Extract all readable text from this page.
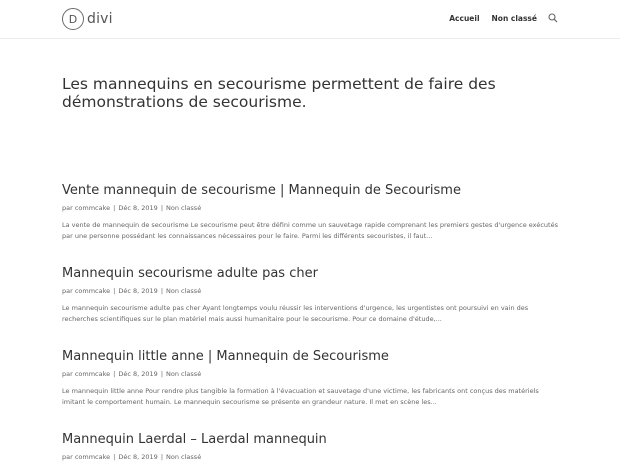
D divi	Accueil Non classé
Les mannequins en secourisme permettent de faire des démonstrations de secourisme.
Vente mannequin de secourisme | Mannequin de Secourisme
par commcake | Déc 8, 2019 | Non classé

La vente de mannequin de secourisme Le secourisme peut être défini comme un sauvetage rapide comprenant les premiers gestes d'urgence exécutés par une personne possédant les connaissances nécessaires pour le faire. Parmi les différents secouristes, il faut...

Mannequin secourisme adulte pas cher
par commcake | Déc 8, 2019 | Non classé

Le mannequin secourisme adulte pas cher Ayant longtemps voulu réussir les interventions d'urgence, les urgentistes ont poursuivi en vain des recherches scientifiques sur le plan matériel mais aussi humanitaire pour le secourisme. Pour ce domaine d'étude,...

Mannequin little anne | Mannequin de Secourisme
par commcake | Déc 8, 2019 | Non classé

Le mannequin little anne Pour rendre plus tangible la formation à l'évacuation et sauvetage d'une victime, les fabricants ont conçus des matériels imitant le comportement humain. Le mannequin secourisme se présente en grandeur nature. Il met en scène les...

Mannequin Laerdal – Laerdal mannequin
par commcake | Déc 8, 2019 | Non classé
